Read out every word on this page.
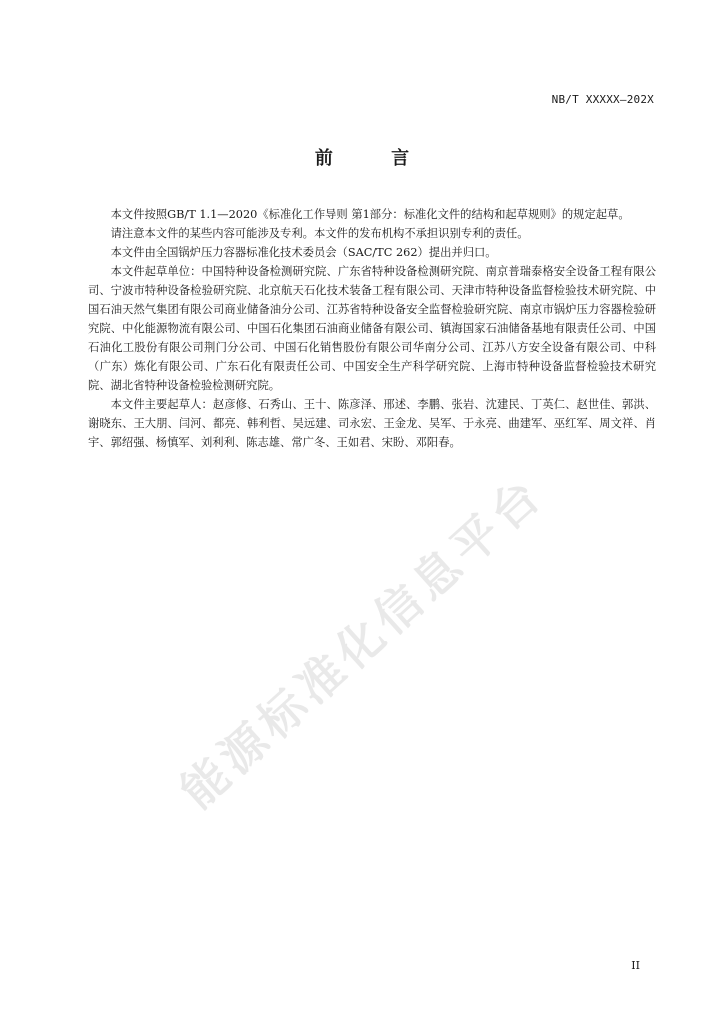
NB/T XXXXX—202X
前 言

本文件按照GB/T 1.1—2020《标准化工作导则 第1部分：标准化文件的结构和起草规则》的规定起草。

请注意本文件的某些内容可能涉及专利。本文件的发布机构不承担识别专利的责任。

本文件由全国锅炉压力容器标准化技术委员会（SAC/TC 262）提出并归口。

本文件起草单位：中国特种设备检测研究院、广东省特种设备检测研究院、南京普瑞泰格安全设备工程有限公司、宁波市特种设备检验研究院、北京航天石化技术装备工程有限公司、天津市特种设备监督检验技术研究院、中国石油天然气集团有限公司商业储备油分公司、江苏省特种设备安全监督检验研究院、南京市锅炉压力容器检验研究院、中化能源物流有限公司、中国石化集团石油商业储备有限公司、镇海国家石油储备基地有限责任公司、中国石油化工股份有限公司荆门分公司、中国石化销售股份有限公司华南分公司、江苏八方安全设备有限公司、中科（广东）炼化有限公司、广东石化有限责任公司、中国安全生产科学研究院、上海市特种设备监督检验技术研究院、湖北省特种设备检验检测研究院。

本文件主要起草人：赵彦修、石秀山、王十、陈彦泽、邢述、李鹏、张岩、沈建民、丁英仁、赵世佳、郭洪、谢晓东、王大朋、闫河、都亮、韩利哲、吴远建、司永宏、王金龙、吴军、于永亮、曲建军、巫红军、周文祥、肖宇、郭绍强、杨慎军、刘利利、陈志雄、常广冬、王如君、宋盼、邓阳春。

能源标准化信息平台
II
